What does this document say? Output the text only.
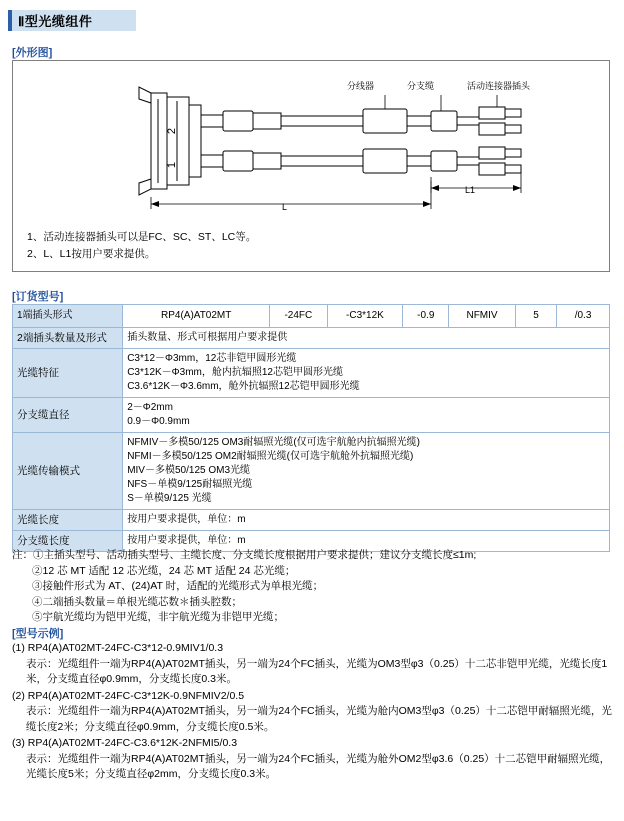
Ⅱ型光缆组件
[外形图]
2
1
分线器	分支缆	活动连接器插头
L
L1
1、活动连接器插头可以是FC、SC、ST、LC等。
2、L、L1按用户要求提供。
[订货型号]
1端插头形式	RP4(A)AT02MT	-24FC	-C3*12K	-0.9	NFMIV	5	/0.3
2端插头数量及形式	插头数量、形式可根据用户要求提供						
光缆特征	C3*12－Φ3mm，12芯非铠甲圆形光缆
C3*12K－Φ3mm，舱内抗辐照12芯铠甲圆形光缆
C3.6*12K－Φ3.6mm，舱外抗辐照12芯铠甲圆形光缆						

分支缆直径	2－Φ2mm
0.9－Φ0.9mm						

光缆传输模式	NFMIV－多模50/125 OM3耐辐照光缆(仅可选宇航舱内抗辐照光缆)
NFMI－多模50/125 OM2耐辐照光缆(仅可选宇航舱外抗辐照光缆)
MIV－多模50/125 OM3光缆
NFS－单模9/125耐辐照光缆
S－单模9/125 光缆						

光缆长度	按用户要求提供，单位：m						
分支缆长度	按用户要求提供，单位：m						
注：①主插头型号、活动插头型号、主缆长度、分支缆长度根据用户要求提供；建议分支缆长度≤1m;
②12 芯 MT 适配 12 芯光缆，24 芯 MT 适配 24 芯光缆；
③接触件形式为 AT、(24)AT 时，适配的光缆形式为单根光缆；
④二端插头数量＝单根光缆芯数＊插头腔数；
⑤宇航光缆均为铠甲光缆，非宇航光缆为非铠甲光缆；
[型号示例]
(1) RP4(A)AT02MT-24FC-C3*12-0.9MIV1/0.3
表示：光缆组件一端为RP4(A)AT02MT插头，另一端为24个FC插头，光缆为OM3型φ3（0.25）十二芯非铠甲光缆，光缆长度1米，分支缆直径φ0.9mm，分支缆长度0.3米。
(2) RP4(A)AT02MT-24FC-C3*12K-0.9NFMIV2/0.5
表示：光缆组件一端为RP4(A)AT02MT插头，另一端为24个FC插头，光缆为舱内OM3型φ3（0.25）十二芯铠甲耐辐照光缆，光缆长度2米；分支缆直径φ0.9mm，分支缆长度0.5米。
(3) RP4(A)AT02MT-24FC-C3.6*12K-2NFMI5/0.3
表示：光缆组件一端为RP4(A)AT02MT插头，另一端为24个FC插头，光缆为舱外OM2型φ3.6（0.25）十二芯铠甲耐辐照光缆，光缆长度5米；分支缆直径φ2mm，分支缆长度0.3米。
